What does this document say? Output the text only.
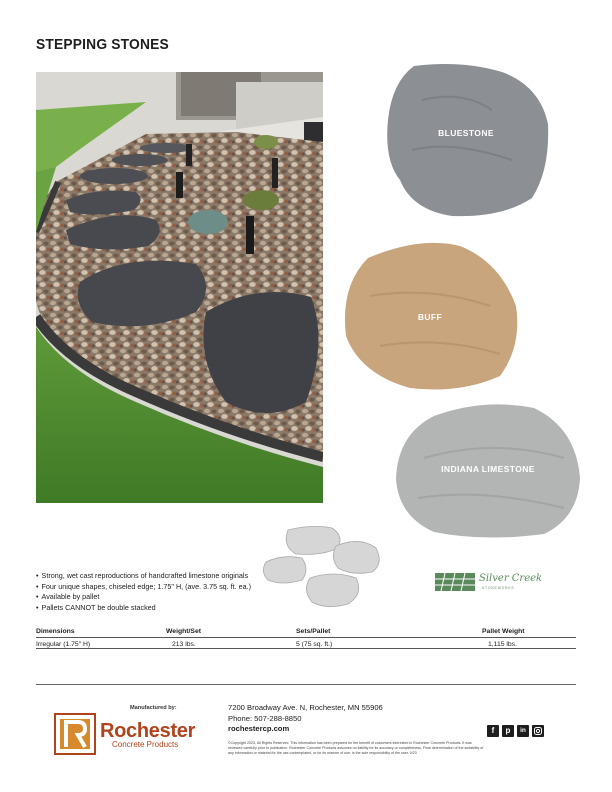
STEPPING STONES
BLUESTONE
BUFF
INDIANA LIMESTONE
Silver Creek
STONEWORKS
• Strong, wet cast reproductions of handcrafted limestone originals
• Four unique shapes, chiseled edge; 1.75" H, (ave. 3.75 sq. ft. ea.)
• Available by pallet
• Pallets CANNOT be double stacked
Dimensions	Weight/Set	Sets/Pallet	Pallet Weight
Irregular (1.75" H)	213 lbs.	5 (75 sq. ft.)	1,115 lbs.
Manufactured by:
Rochester
Concrete Products
7200 Broadway Ave. N, Rochester, MN 55906
Phone: 507-288-8850
rochestercp.com
©Copyright 2023, All Rights Reserved. This information has been prepared for the benefit of customers interested in Rochester Concrete Products. It was reviewed carefully prior to publication. Rochester Concrete Products assumes no liability for its accuracy or completeness. Final determination of the suitability of any information or material for the use contemplated, or for its manner of use, is the sole responsibility of the user. 0/23
f	p	in
